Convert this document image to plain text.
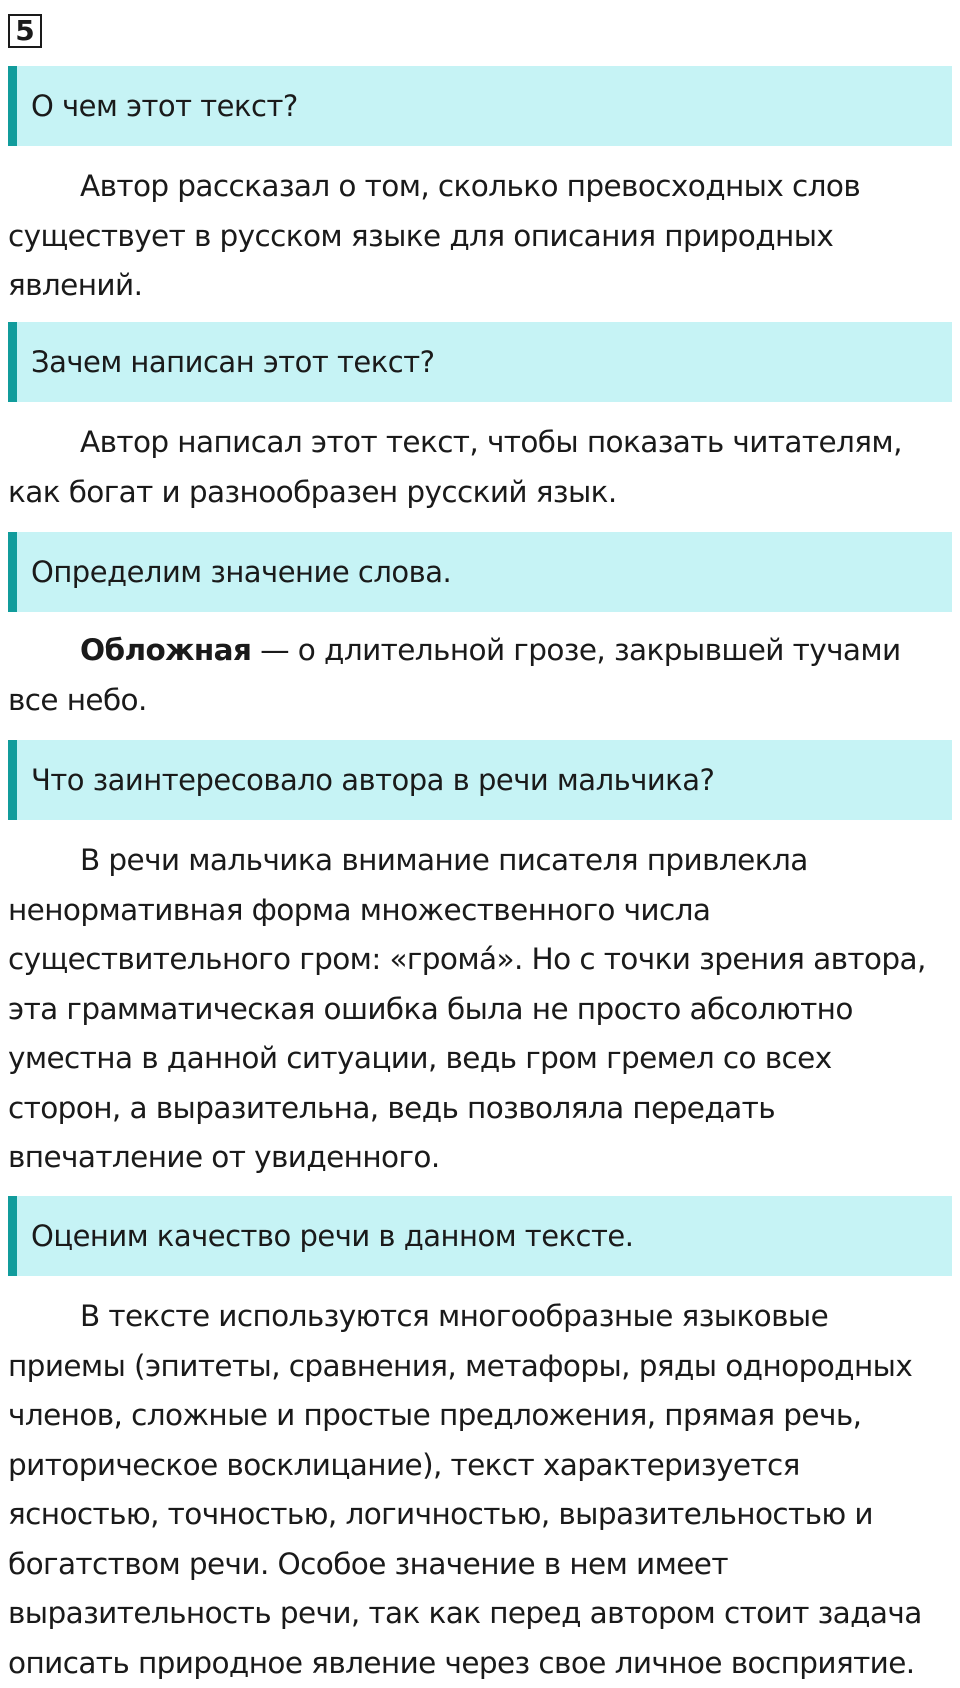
5
О чем этот текст?

Автор рассказал о том, сколько превосходных слов существует в русском языке для описания природных явлений.

Зачем написан этот текст?

Автор написал этот текст, чтобы показать читателям, как богат и разнообразен русский язык.

Определим значение слова.

Обложная — о длительной грозе, закрывшей тучами все небо.

Что заинтересовало автора в речи мальчика?

В речи мальчика внимание писателя привлекла ненормативная форма множественного числа существительного гром: «громá». Но с точки зрения автора, эта грамматическая ошибка была не просто абсолютно уместна в данной ситуации, ведь гром гремел со всех сторон, а выразительна, ведь позволяла передать впечатление от увиденного.

Оценим качество речи в данном тексте.

В тексте используются многообразные языковые приемы (эпитеты, сравнения, метафоры, ряды однородных членов, сложные и простые предложения, прямая речь, риторическое восклицание), текст характеризуется ясностью, точностью, логичностью, выразительностью и богатством речи. Особое значение в нем имеет выразительность речи, так как перед автором стоит задача описать природное явление через свое личное восприятие.
